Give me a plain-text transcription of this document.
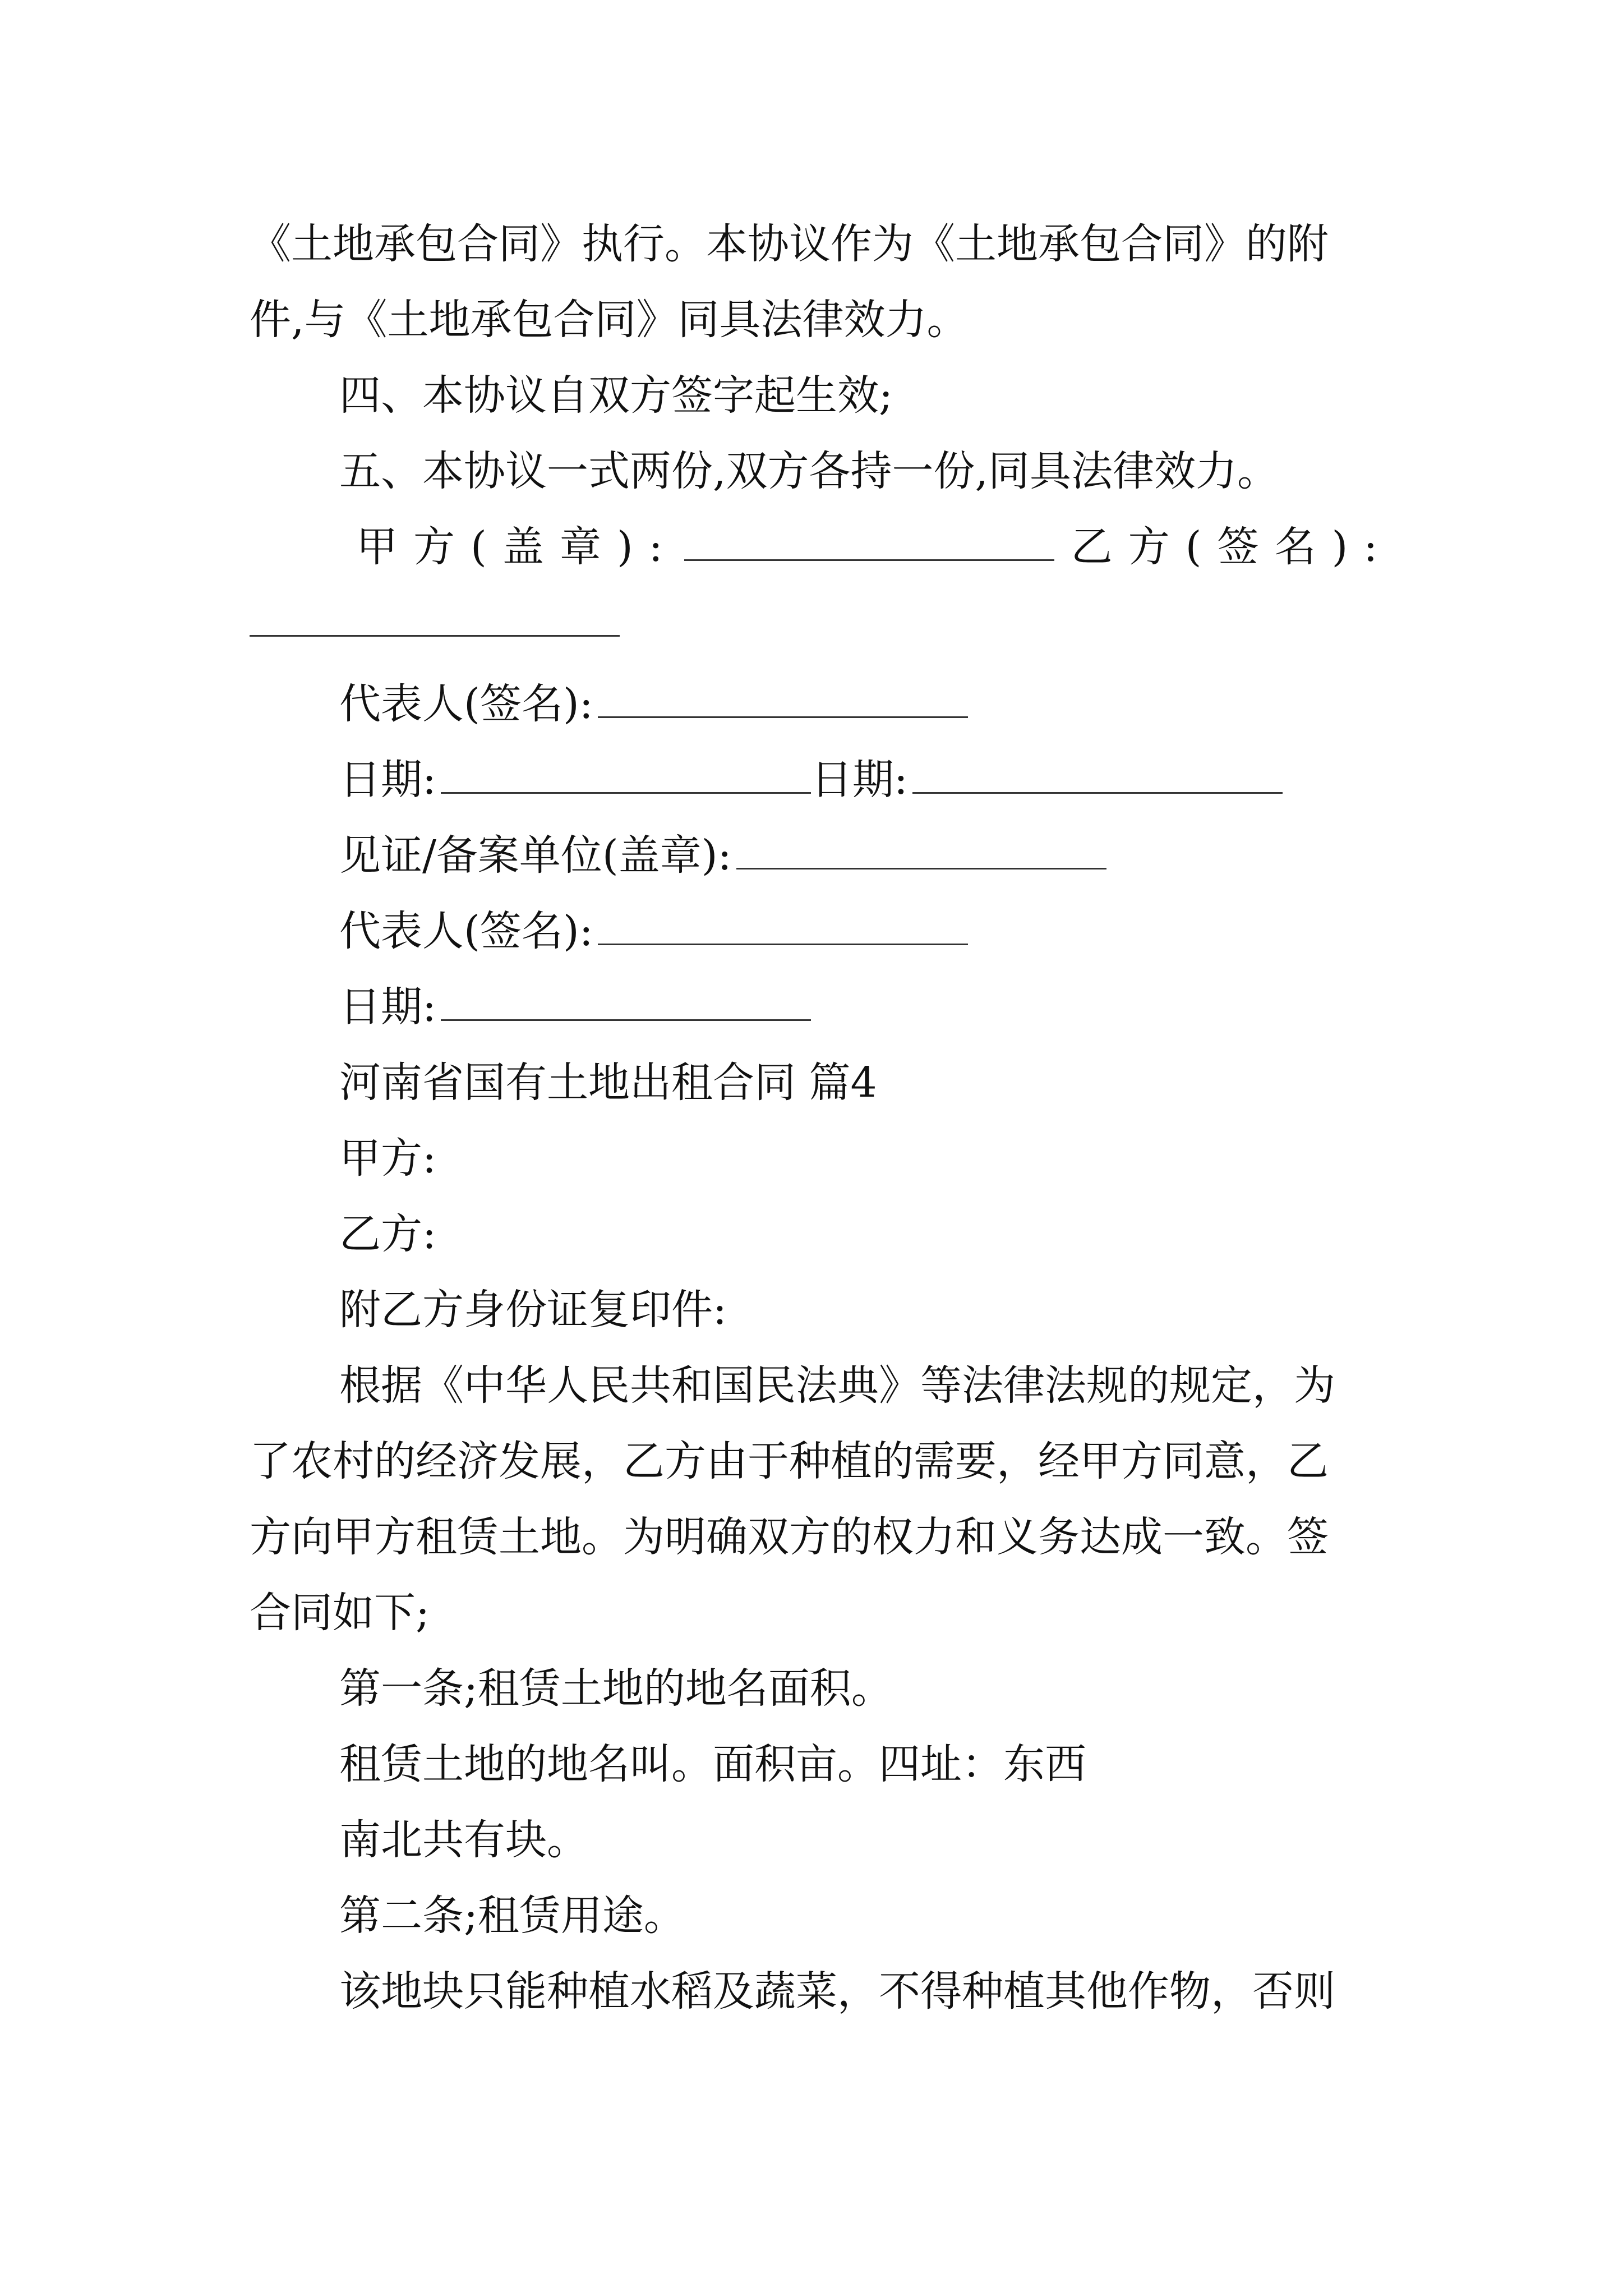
《土地承包合同》执行。本协议作为《土地承包合同》的附
件,与《土地承包合同》同具法律效力。
四、本协议自双方签字起生效;
五、本协议一式两份,双方各持一份,同具法律效力。
甲方(盖章):	乙方(签名):
代表人(签名):
日期:	日期:
见证/备案单位(盖章):
代表人(签名):
日期:
河南省国有土地出租合同 篇4
甲方:
乙方:
附乙方身份证复印件:
根据《中华人民共和国民法典》等法律法规的规定，为
了农村的经济发展，乙方由于种植的需要，经甲方同意，乙
方向甲方租赁土地。为明确双方的权力和义务达成一致。签
合同如下;
第一条;租赁土地的地名面积。
租赁土地的地名叫。面积亩。四址：东西
南北共有块。
第二条;租赁用途。
该地块只能种植水稻及蔬菜，不得种植其他作物，否则
